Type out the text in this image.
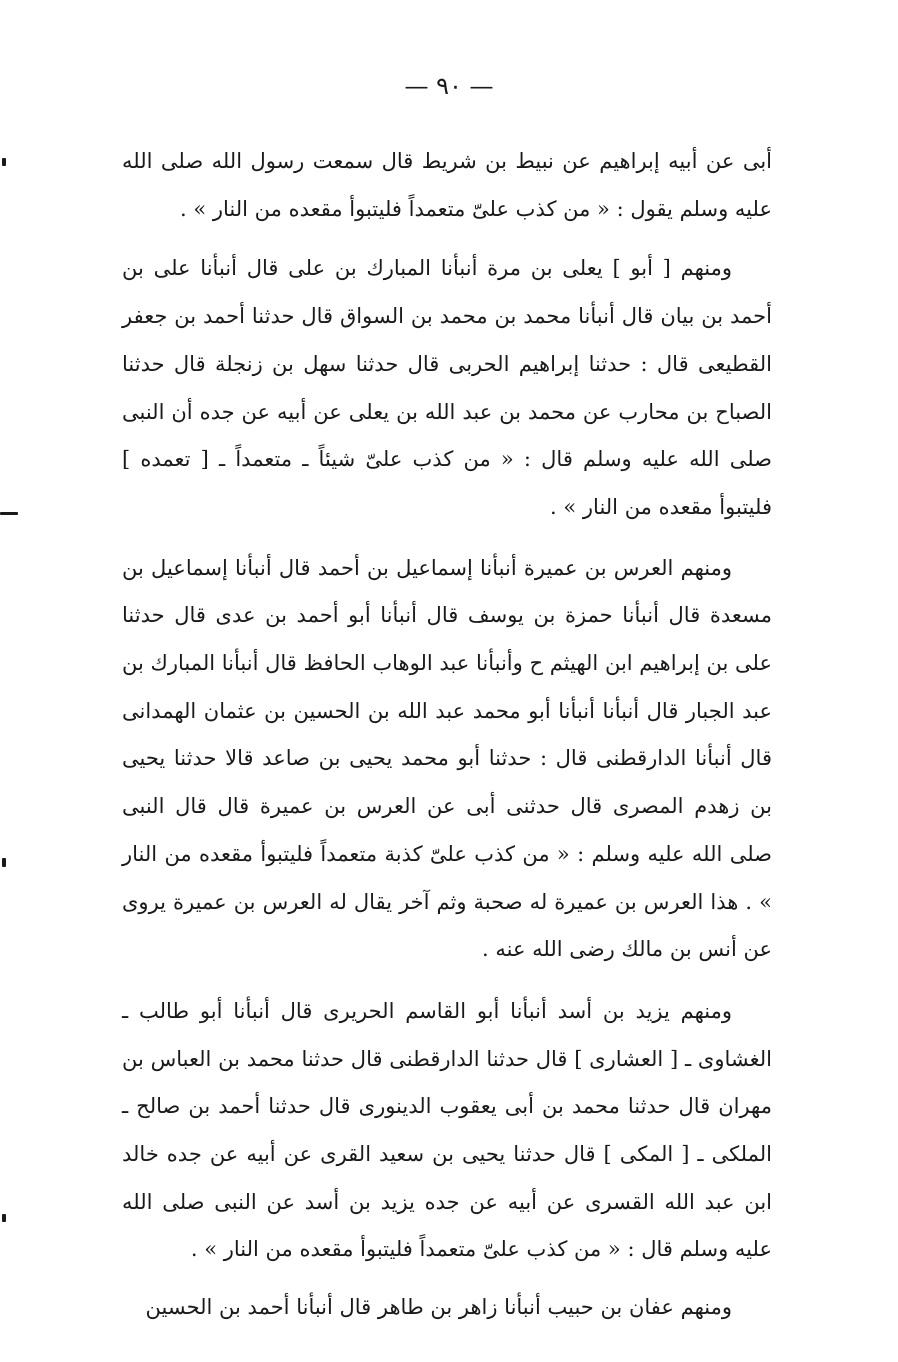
— ٩٠ —

أبى عن أبيه إبراهيم عن نبيط بن شريط قال سمعت رسول الله صلى الله عليه وسلم يقول : « من كذب علىّ متعمداً فليتبوأ مقعده من النار » .

ومنهم [ أبو ] يعلى بن مرة أنبأنا المبارك بن على قال أنبأنا على بن أحمد بن بيان قال أنبأنا محمد بن محمد بن السواق قال حدثنا أحمد بن جعفر القطيعى قال : حدثنا إبراهيم الحربى قال حدثنا سهل بن زنجلة قال حدثنا الصباح بن محارب عن محمد بن عبد الله بن يعلى عن أبيه عن جده أن النبى صلى الله عليه وسلم قال : « من كذب علىّ شيئاً ـ متعمداً ـ [ تعمده ] فليتبوأ مقعده من النار » .

ومنهم العرس بن عميرة أنبأنا إسماعيل بن أحمد قال أنبأنا إسماعيل بن مسعدة قال أنبأنا حمزة بن يوسف قال أنبأنا أبو أحمد بن عدى قال حدثنا على بن إبراهيم ابن الهيثم ح وأنبأنا عبد الوهاب الحافظ قال أنبأنا المبارك بن عبد الجبار قال أنبأنا أنبأنا أبو محمد عبد الله بن الحسين بن عثمان الهمدانى قال أنبأنا الدارقطنى قال : حدثنا أبو محمد يحيى بن صاعد قالا حدثنا يحيى بن زهدم المصرى قال حدثنى أبى عن العرس بن عميرة قال قال النبى صلى الله عليه وسلم : « من كذب علىّ كذبة متعمداً فليتبوأ مقعده من النار » . هذا العرس بن عميرة له صحبة وثم آخر يقال له العرس بن عميرة يروى عن أنس بن مالك رضى الله عنه .

ومنهم يزيد بن أسد أنبأنا أبو القاسم الحريرى قال أنبأنا أبو طالب ـ الغشاوى ـ [ العشارى ] قال حدثنا الدارقطنى قال حدثنا محمد بن العباس بن مهران قال حدثنا محمد بن أبى يعقوب الدينورى قال حدثنا أحمد بن صالح ـ الملكى ـ [ المكى ] قال حدثنا يحيى بن سعيد القرى عن أبيه عن جده خالد ابن عبد الله القسرى عن أبيه عن جده يزيد بن أسد عن النبى صلى الله عليه وسلم قال : « من كذب علىّ متعمداً فليتبوأ مقعده من النار » .

ومنهم عفان بن حبيب أنبأنا زاهر بن طاهر قال أنبأنا أحمد بن الحسين
